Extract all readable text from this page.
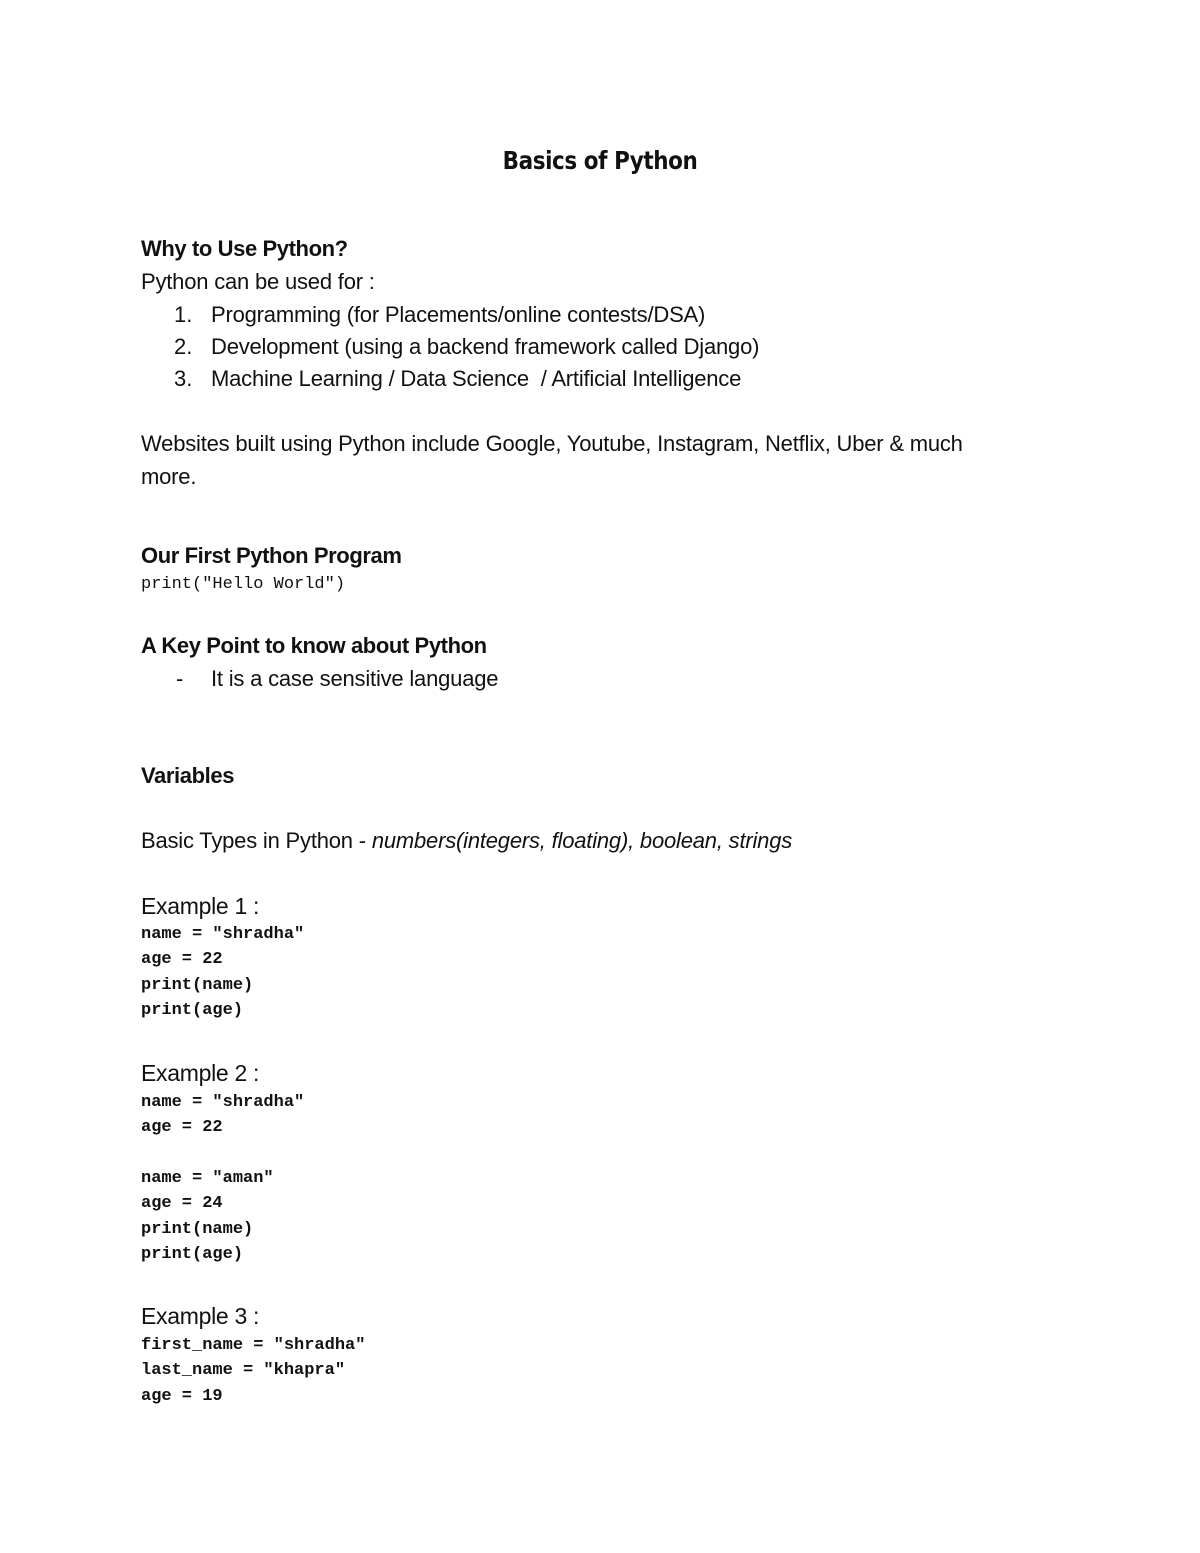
Basics of Python
Why to Use Python?
Python can be used for :
1. Programming (for Placements/online contests/DSA)
2. Development (using a backend framework called Django)
3. Machine Learning / Data Science  / Artificial Intelligence
Websites built using Python include Google, Youtube, Instagram, Netflix, Uber & much
more.
Our First Python Program
print("Hello World")
A Key Point to know about Python
- It is a case sensitive language
Variables
Basic Types in Python - numbers(integers, floating), boolean, strings
Example 1 :
name = "shradha"
age = 22
print(name)
print(age)
Example 2 :
name = "shradha"
age = 22
name = "aman"
age = 24
print(name)
print(age)
Example 3 :
first_name = "shradha"
last_name = "khapra"
age = 19
